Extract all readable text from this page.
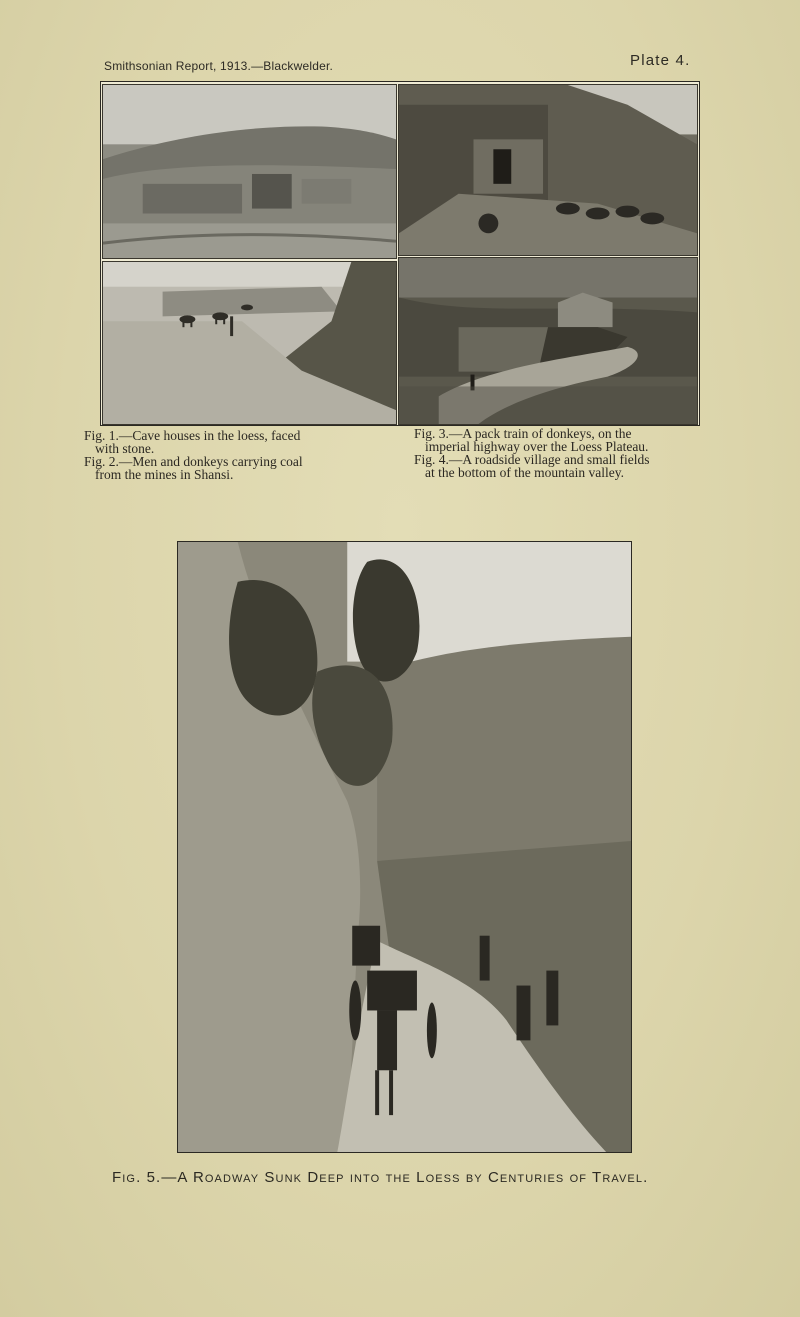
Smithsonian Report, 1913.—Blackwelder.	Plate 4.
Fig. 1.—Cave houses in the loess, faced
with stone.
Fig. 2.—Men and donkeys carrying coal
from the mines in Shansi.
Fig. 3.—A pack train of donkeys, on the
imperial highway over the Loess Plateau.
Fig. 4.—A roadside village and small fields
at the bottom of the mountain valley.
Fig. 5.—A Roadway Sunk Deep into the Loess by Centuries of Travel.
